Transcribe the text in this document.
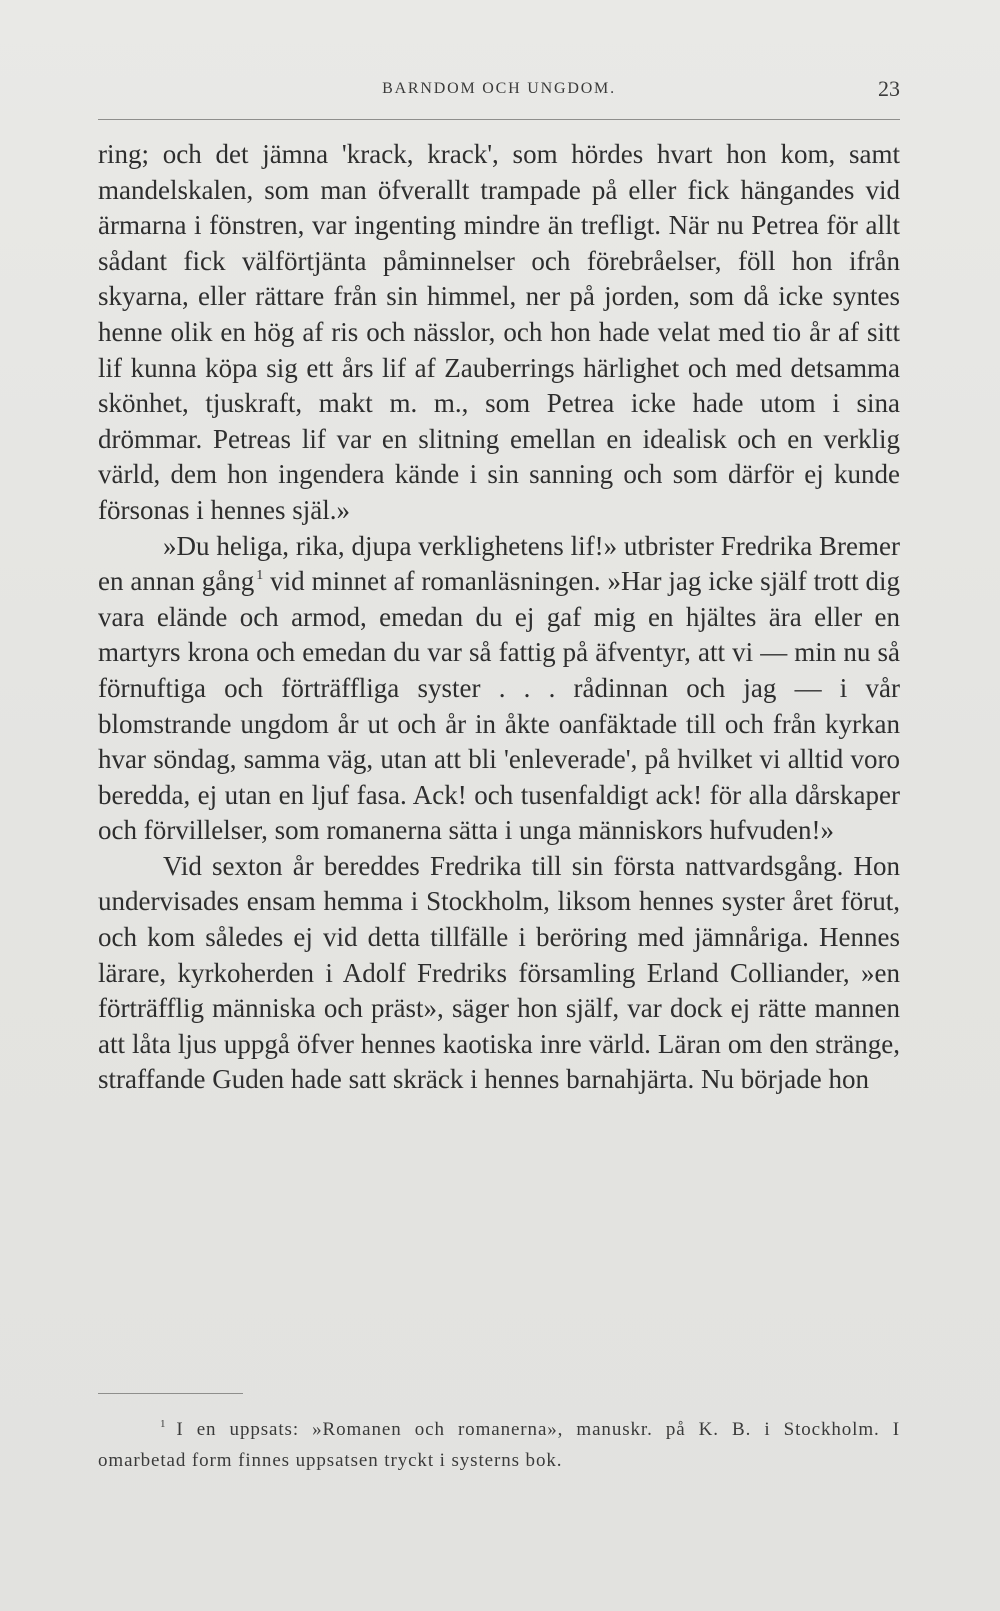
BARNDOM OCH UNGDOM.	23

ring; och det jämna 'krack, krack', som hördes hvart hon kom, samt mandelskalen, som man öfverallt trampade på eller fick hängandes vid ärmarna i fönstren, var ingenting mindre än trefligt. När nu Petrea för allt sådant fick välförtjänta påminnelser och förebråelser, föll hon ifrån skyarna, eller rättare från sin himmel, ner på jorden, som då icke syntes henne olik en hög af ris och nässlor, och hon hade velat med tio år af sitt lif kunna köpa sig ett års lif af Zauberrings härlighet och med detsamma skönhet, tjuskraft, makt m. m., som Petrea icke hade utom i sina drömmar. Petreas lif var en slitning emellan en idealisk och en verklig värld, dem hon ingendera kände i sin sanning och som därför ej kunde försonas i hennes själ.»

»Du heliga, rika, djupa verklighetens lif!» utbrister Fredrika Bremer en annan gång $^1$ vid minnet af romanläsningen. »Har jag icke själf trott dig vara elände och armod, emedan du ej gaf mig en hjältes ära eller en martyrs krona och emedan du var så fattig på äfventyr, att vi — min nu så förnuftiga och förträffliga syster . . . rådinnan och jag — i vår blomstrande ungdom år ut och år in åkte oanfäktade till och från kyrkan hvar söndag, samma väg, utan att bli 'enleverade', på hvilket vi alltid voro beredda, ej utan en ljuf fasa. Ack! och tusenfaldigt ack! för alla dårskaper och förvillelser, som romanerna sätta i unga människors hufvuden!»

Vid sexton år bereddes Fredrika till sin första nattvardsgång. Hon undervisades ensam hemma i Stockholm, liksom hennes syster året förut, och kom således ej vid detta tillfälle i beröring med jämnåriga. Hennes lärare, kyrkoherden i Adolf Fredriks församling Erland Colliander, »en förträfflig människa och präst», säger hon själf, var dock ej rätte mannen att låta ljus uppgå öfver hennes kaotiska inre värld. Läran om den stränge, straffande Guden hade satt skräck i hennes barnahjärta. Nu började hon

$^1$ I en uppsats: »Romanen och romanerna», manuskr. på K. B. i Stockholm. I omarbetad form finnes uppsatsen tryckt i systerns bok.
